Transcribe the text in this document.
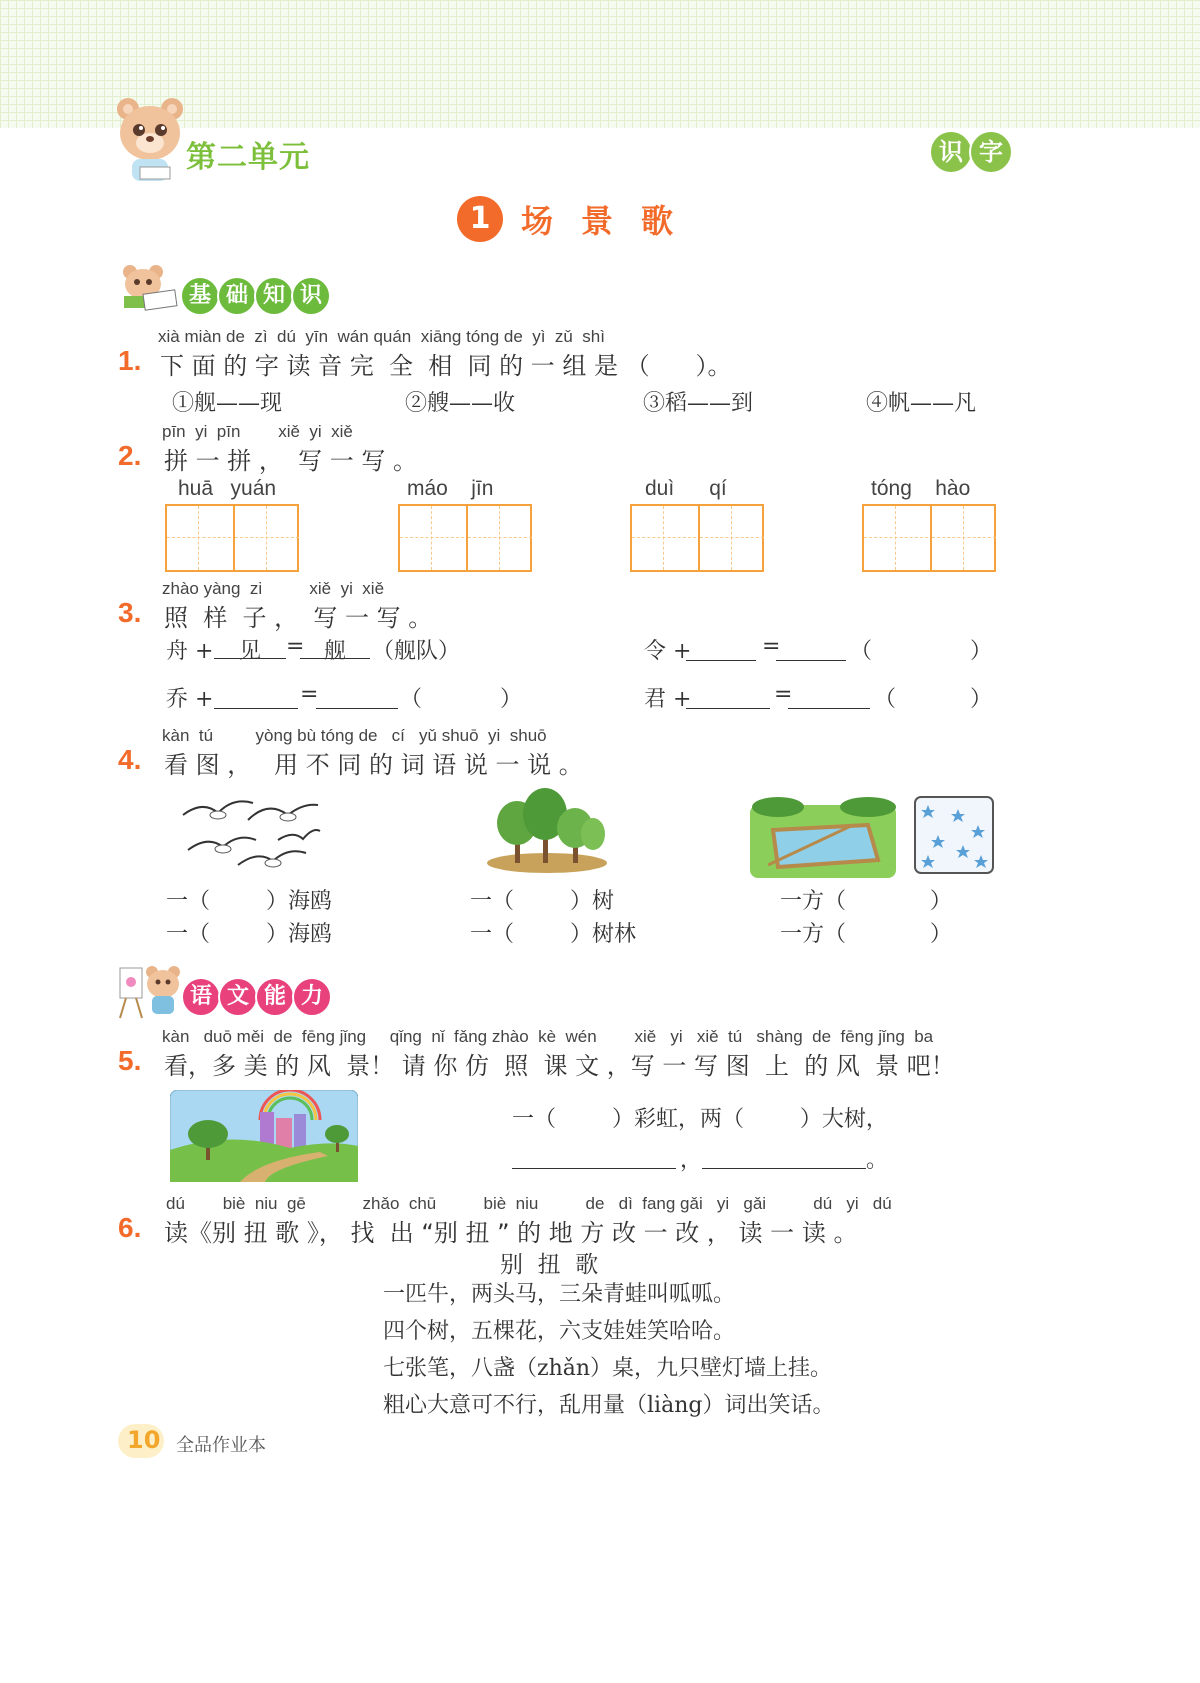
第二单元	识 字
1 场景歌
基 础 知 识
xià miàn de  zì  dú  yīn  wán quán  xiāng tóng de  yì  zǔ  shì
1. 下 面 的 字 读 音 完  全  相  同 的 一 组 是 （      ）。
①舰——现	②艘——收	③稻——到	④帆——凡
pīn  yi  pīn        xiě  yi  xiě
2. 拼 一 拼 ，  写 一 写 。
huā   yuán	máo    jīn	duì      qí	tóng    hào
zhào yàng  zi          xiě  yi  xiě
3. 照  样  子 ，  写 一 写 。
舟 +	见	= 舰	（舰队）	令 +	=	（	）
乔 +	=	（	）	君 +	=	（	）
kàn  tú         yòng bù tóng de   cí   yǔ shuō  yi  shuō
4. 看 图 ，   用 不 同 的 词 语 说 一 说 。
一（        ）海鸥
一（        ）海鸥
一（        ）树
一（        ）树林
一方（            ）
一方（            ）
语 文 能 力
kàn   duō měi  de  fēng jǐng     qǐng  nǐ  fǎng zhào  kè  wén        xiě   yi   xiě  tú   shàng  de  fēng jǐng  ba
5. 看，多 美 的 风  景！ 请 你 仿  照  课 文 ，写 一 写 图  上  的 风  景 吧！
一（        ）彩虹，两（        ）大树，
，	。
dú        biè  niu  gē            zhǎo  chū          biè  niu          de   dì  fang gǎi   yi   gǎi          dú   yi   dú
6. 读《别 扭 歌 》， 找  出 “别 扭 ” 的 地 方 改 一 改 ， 读 一 读 。
别  扭  歌
一匹牛，两头马，三朵青蛙叫呱呱。
四个树，五棵花，六支娃娃笑哈哈。
七张笔，八盏（zhǎn）桌，九只壁灯墙上挂。
粗心大意可不行，乱用量（liàng）词出笑话。
10 全品作业本
